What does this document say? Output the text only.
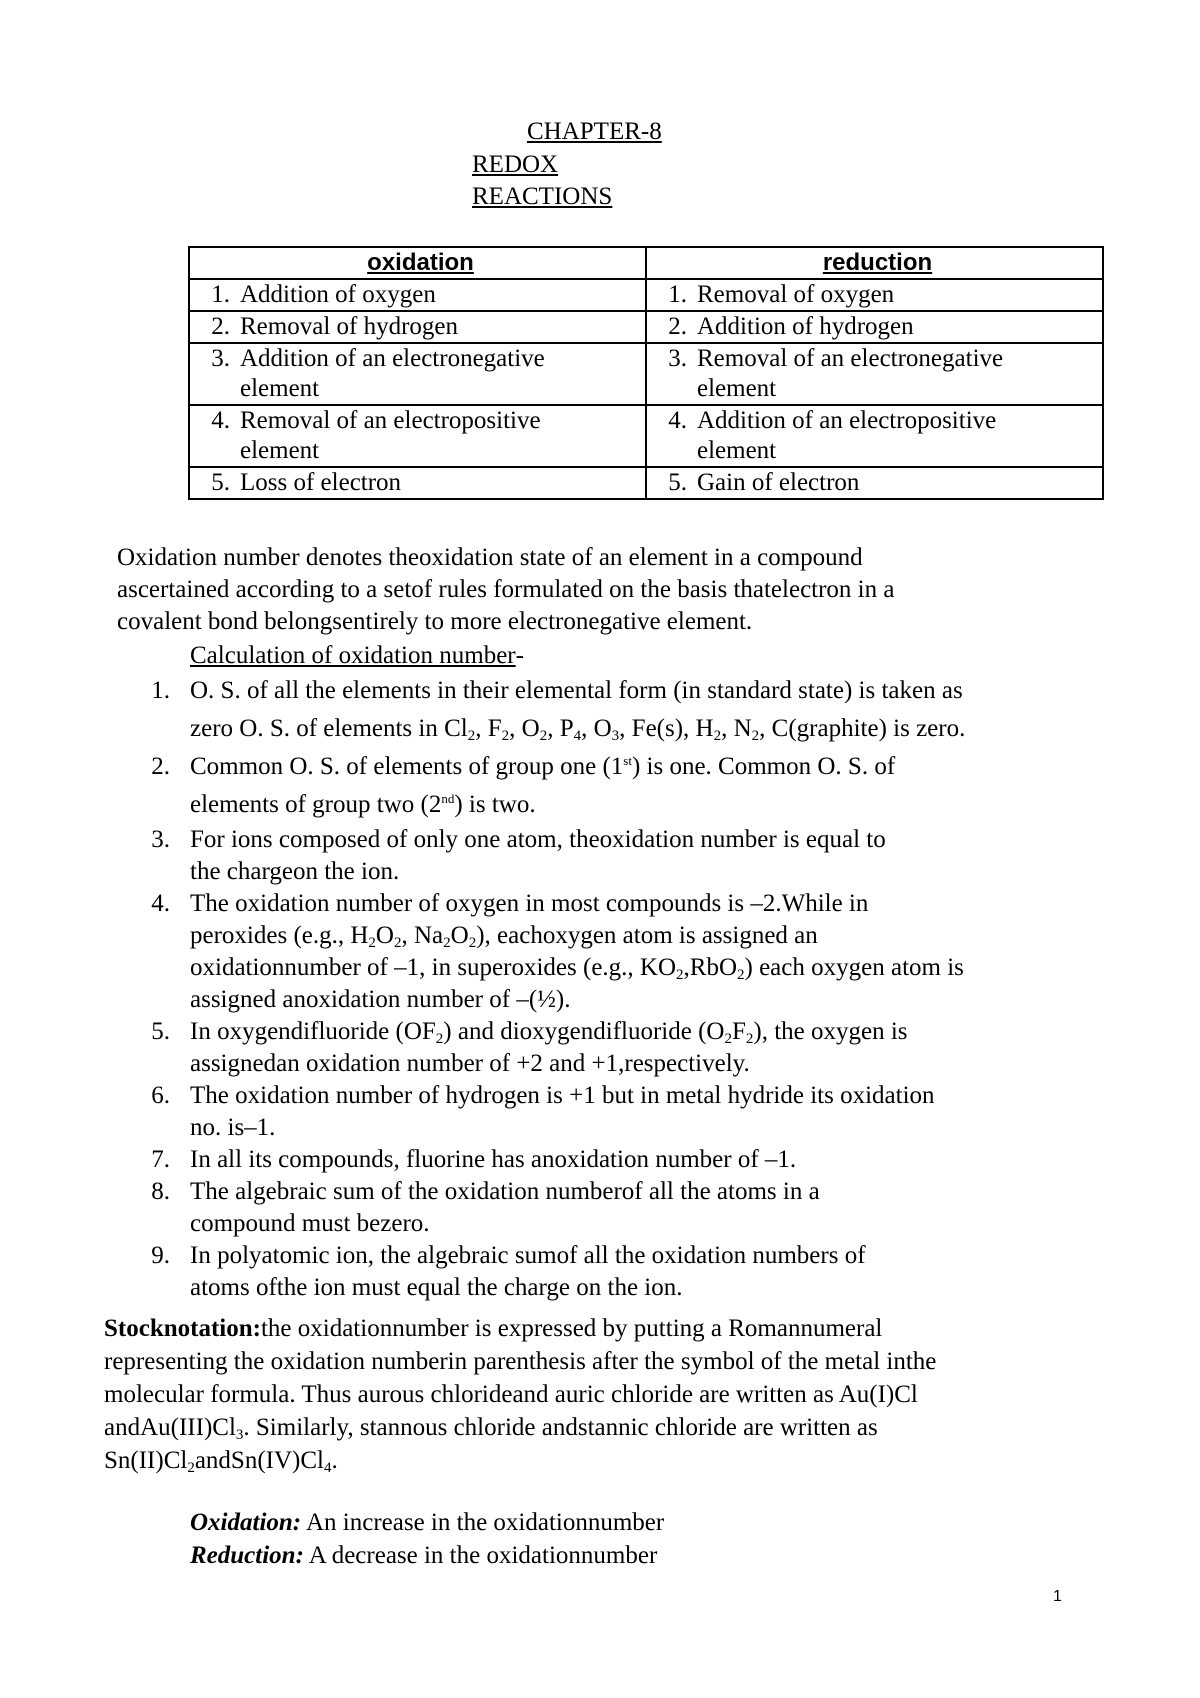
CHAPTER-8
REDOX
REACTIONS
oxidation	reduction
1. Addition of oxygen	1. Removal of oxygen
2. Removal of hydrogen	2. Addition of hydrogen
3. Addition of an electronegative element	3. Removal of an electronegative element
4. Removal of an electropositive element	4. Addition of an electropositive element
5. Loss of electron	5. Gain of electron
Oxidation number denotes theoxidation state of an element in a compound
ascertained according to a setof rules formulated on the basis thatelectron in a
covalent bond belongsentirely to more electronegative element.
Calculation of oxidation number-
1. O. S. of all the elements in their elemental form (in standard state) is taken as
zero O. S. of elements in $Cl_2$, $F_2$, $O_2$, $P_4$, $O_3$, Fe(s), $H_2$, $N_2$, C(graphite) is zero.
2. Common O. S. of elements of group one (1st) is one. Common O. S. of
elements of group two (2nd) is two.
3. For ions composed of only one atom, theoxidation number is equal to
the chargeon the ion.
4. The oxidation number of oxygen in most compounds is –2.While in
peroxides (e.g., $H_2O_2$, $Na_2O_2$), eachoxygen atom is assigned an
oxidationnumber of –1, in superoxides (e.g., $KO_2,RbO_2$) each oxygen atom is
assigned anoxidation number of –(½).
5. In oxygendifluoride $(OF_2)$ and dioxygendifluoride $(O_2F_2)$, the oxygen is
assignedan oxidation number of +2 and +1,respectively.
6. The oxidation number of hydrogen is +1 but in metal hydride its oxidation
no. is–1.
7. In all its compounds, fluorine has anoxidation number of –1.
8. The algebraic sum of the oxidation numberof all the atoms in a
compound must bezero.
9. In polyatomic ion, the algebraic sumof all the oxidation numbers of
atoms ofthe ion must equal the charge on the ion.
Stocknotation:the oxidationnumber is expressed by putting a Romannumeral
representing the oxidation numberin parenthesis after the symbol of the metal inthe
molecular formula. Thus aurous chlorideand auric chloride are written as Au(I)Cl
$andAu(III)Cl_3$. Similarly, stannous chloride andstannic chloride are written as
$Sn(II)Cl_2andSn(IV)Cl_4$.
Oxidation: An increase in the oxidationnumber
Reduction: A decrease in the oxidationnumber
1
